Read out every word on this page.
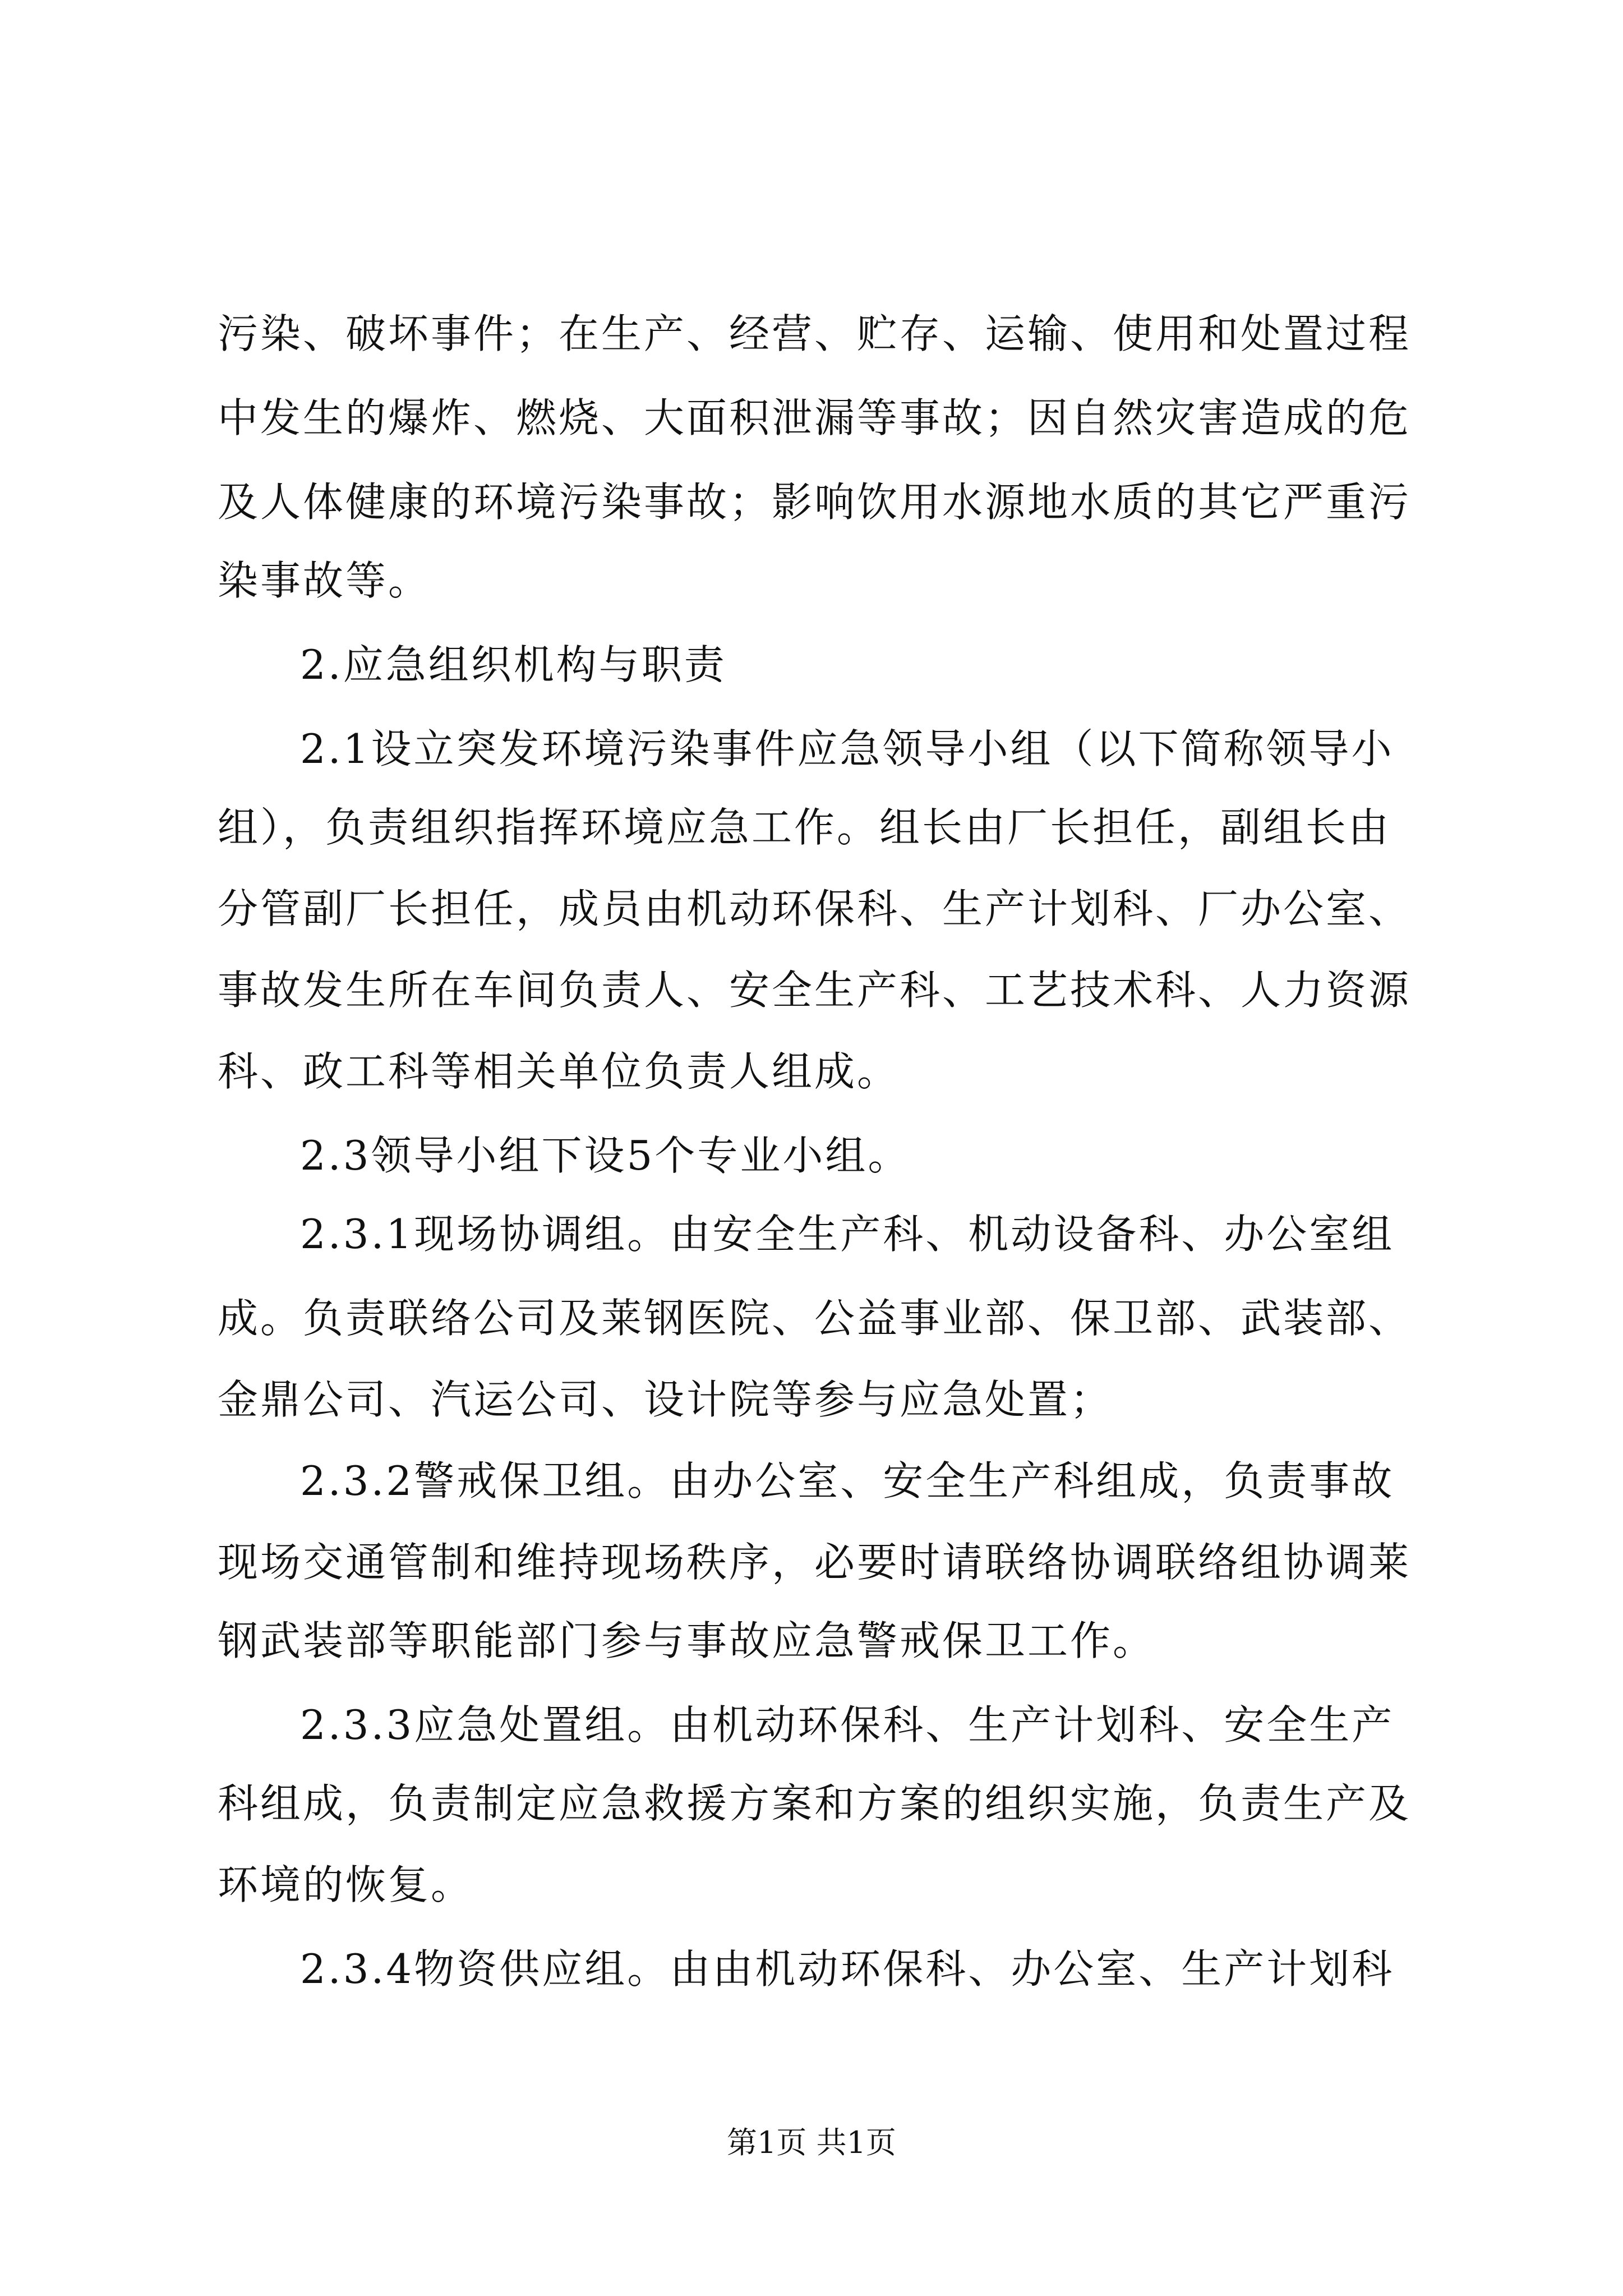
污染、破坏事件；在生产、经营、贮存、运输、使用和处置过程
中发生的爆炸、燃烧、大面积泄漏等事故；因自然灾害造成的危
及人体健康的环境污染事故；影响饮用水源地水质的其它严重污
染事故等。
2.应急组织机构与职责
2.1设立突发环境污染事件应急领导小组（以下简称领导小
组），负责组织指挥环境应急工作。组长由厂长担任，副组长由
分管副厂长担任，成员由机动环保科、生产计划科、厂办公室、
事故发生所在车间负责人、安全生产科、工艺技术科、人力资源
科、政工科等相关单位负责人组成。
2.3领导小组下设5个专业小组。
2.3.1现场协调组。由安全生产科、机动设备科、办公室组
成。负责联络公司及莱钢医院、公益事业部、保卫部、武装部、
金鼎公司、汽运公司、设计院等参与应急处置；
2.3.2警戒保卫组。由办公室、安全生产科组成，负责事故
现场交通管制和维持现场秩序，必要时请联络协调联络组协调莱
钢武装部等职能部门参与事故应急警戒保卫工作。
2.3.3应急处置组。由机动环保科、生产计划科、安全生产
科组成，负责制定应急救援方案和方案的组织实施，负责生产及
环境的恢复。
2.3.4物资供应组。由由机动环保科、办公室、生产计划科
第1页 共1页
